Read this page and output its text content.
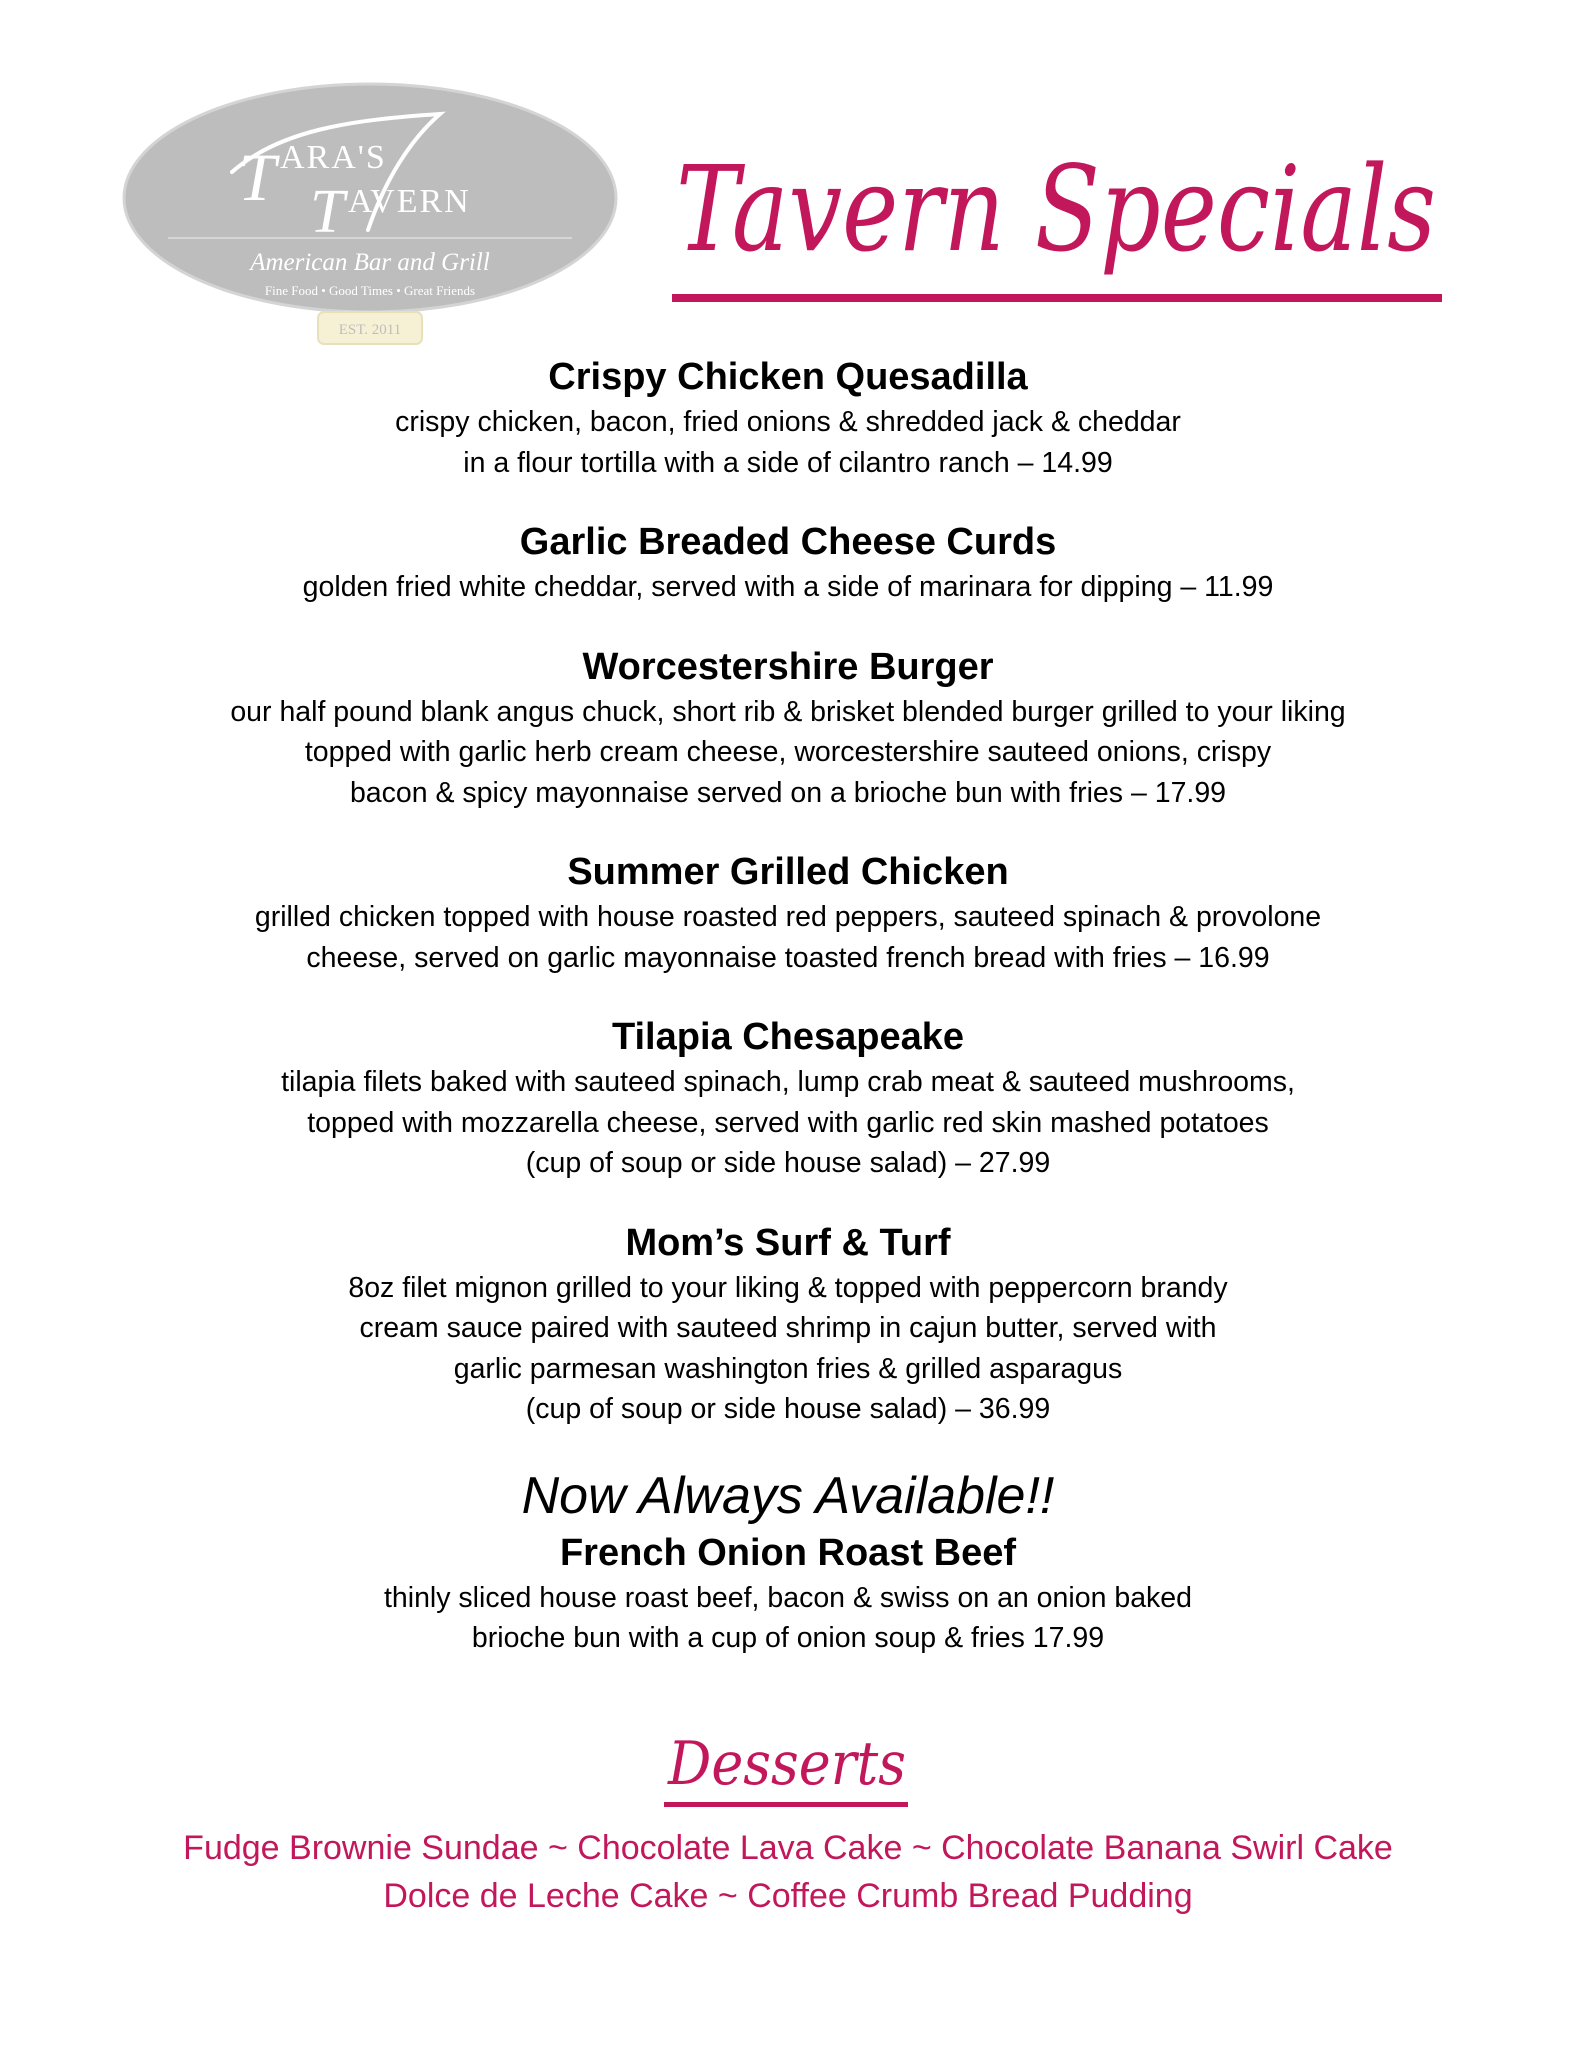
T ARA'S
T AVERN
American Bar and Grill
Fine Food • Good Times • Great Friends
EST. 2011
Tavern Specials

Crispy Chicken Quesadilla

crispy chicken, bacon, fried onions & shredded jack & cheddar

in a flour tortilla with a side of cilantro ranch – 14.99

Garlic Breaded Cheese Curds

golden fried white cheddar, served with a side of marinara for dipping – 11.99

Worcestershire Burger

our half pound blank angus chuck, short rib & brisket blended burger grilled to your liking

topped with garlic herb cream cheese, worcestershire sauteed onions, crispy

bacon & spicy mayonnaise served on a brioche bun with fries – 17.99

Summer Grilled Chicken

grilled chicken topped with house roasted red peppers, sauteed spinach & provolone

cheese, served on garlic mayonnaise toasted french bread with fries – 16.99

Tilapia Chesapeake

tilapia filets baked with sauteed spinach, lump crab meat & sauteed mushrooms,

topped with mozzarella cheese, served with garlic red skin mashed potatoes

(cup of soup or side house salad) – 27.99

Mom’s Surf & Turf

8oz filet mignon grilled to your liking & topped with peppercorn brandy

cream sauce paired with sauteed shrimp in cajun butter, served with

garlic parmesan washington fries & grilled asparagus

(cup of soup or side house salad) – 36.99

Now Always Available!!

French Onion Roast Beef

thinly sliced house roast beef, bacon & swiss on an onion baked

brioche bun with a cup of onion soup & fries 17.99

Desserts

Fudge Brownie Sundae ~ Chocolate Lava Cake ~ Chocolate Banana Swirl Cake

Dolce de Leche Cake ~ Coffee Crumb Bread Pudding
